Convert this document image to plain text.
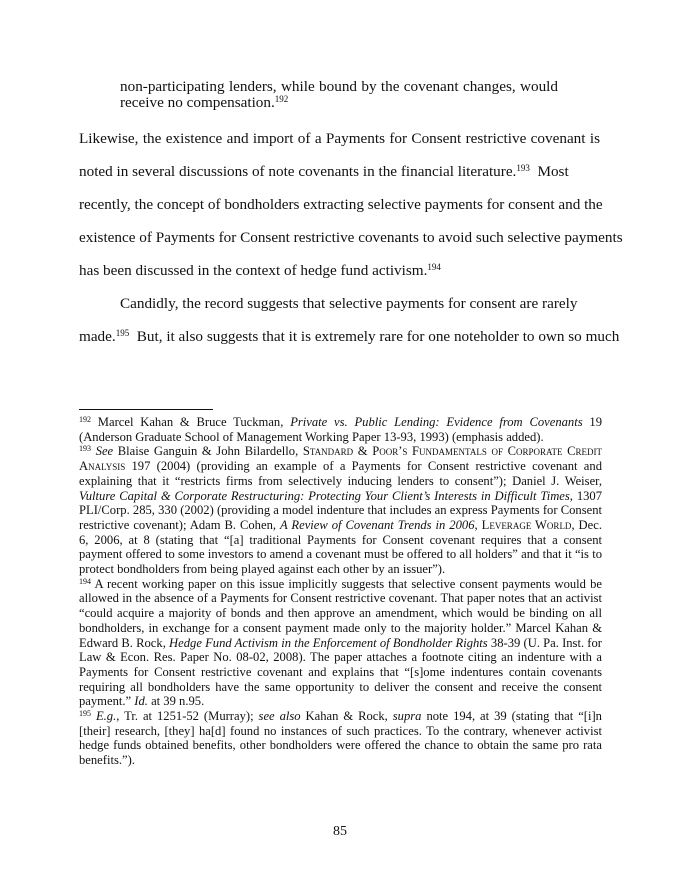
non-participating lenders, while bound by the covenant changes, would
receive no compensation.$^{192}$
Likewise, the existence and import of a Payments for Consent restrictive covenant is
noted in several discussions of note covenants in the financial literature.$^{193}$ Most
recently, the concept of bondholders extracting selective payments for consent and the
existence of Payments for Consent restrictive covenants to avoid such selective payments
has been discussed in the context of hedge fund activism.$^{194}$
Candidly, the record suggests that selective payments for consent are rarely
made.$^{195}$ But, it also suggests that it is extremely rare for one noteholder to own so much

$^{192}$ Marcel Kahan & Bruce Tuckman, Private vs. Public Lending: Evidence from Covenants 19 (Anderson Graduate School of Management Working Paper 13-93, 1993) (emphasis added).

$^{193}$ See Blaise Ganguin & John Bilardello, Standard & Poor’s Fundamentals of Corporate Credit Analysis 197 (2004) (providing an example of a Payments for Consent restrictive covenant and explaining that it “restricts firms from selectively inducing lenders to consent”); Daniel J. Weiser, Vulture Capital & Corporate Restructuring: Protecting Your Client’s Interests in Difficult Times, 1307 PLI/Corp. 285, 330 (2002) (providing a model indenture that includes an express Payments for Consent restrictive covenant); Adam B. Cohen, A Review of Covenant Trends in 2006, Leverage World, Dec. 6, 2006, at 8 (stating that “[a] traditional Payments for Consent covenant requires that a consent payment offered to some investors to amend a covenant must be offered to all holders” and that it “is to protect bondholders from being played against each other by an issuer”).

$^{194}$ A recent working paper on this issue implicitly suggests that selective consent payments would be allowed in the absence of a Payments for Consent restrictive covenant. That paper notes that an activist “could acquire a majority of bonds and then approve an amendment, which would be binding on all bondholders, in exchange for a consent payment made only to the majority holder.” Marcel Kahan & Edward B. Rock, Hedge Fund Activism in the Enforcement of Bondholder Rights 38-39 (U. Pa. Inst. for Law & Econ. Res. Paper No. 08-02, 2008). The paper attaches a footnote citing an indenture with a Payments for Consent restrictive covenant and explains that “[s]ome indentures contain covenants requiring all bondholders have the same opportunity to deliver the consent and receive the consent payment.” Id. at 39 n.95.

$^{195}$ E.g., Tr. at 1251-52 (Murray); see also Kahan & Rock, supra note 194, at 39 (stating that “[i]n [their] research, [they] ha[d] found no instances of such practices. To the contrary, whenever activist hedge funds obtained benefits, other bondholders were offered the chance to obtain the same pro rata benefits.”).

85
